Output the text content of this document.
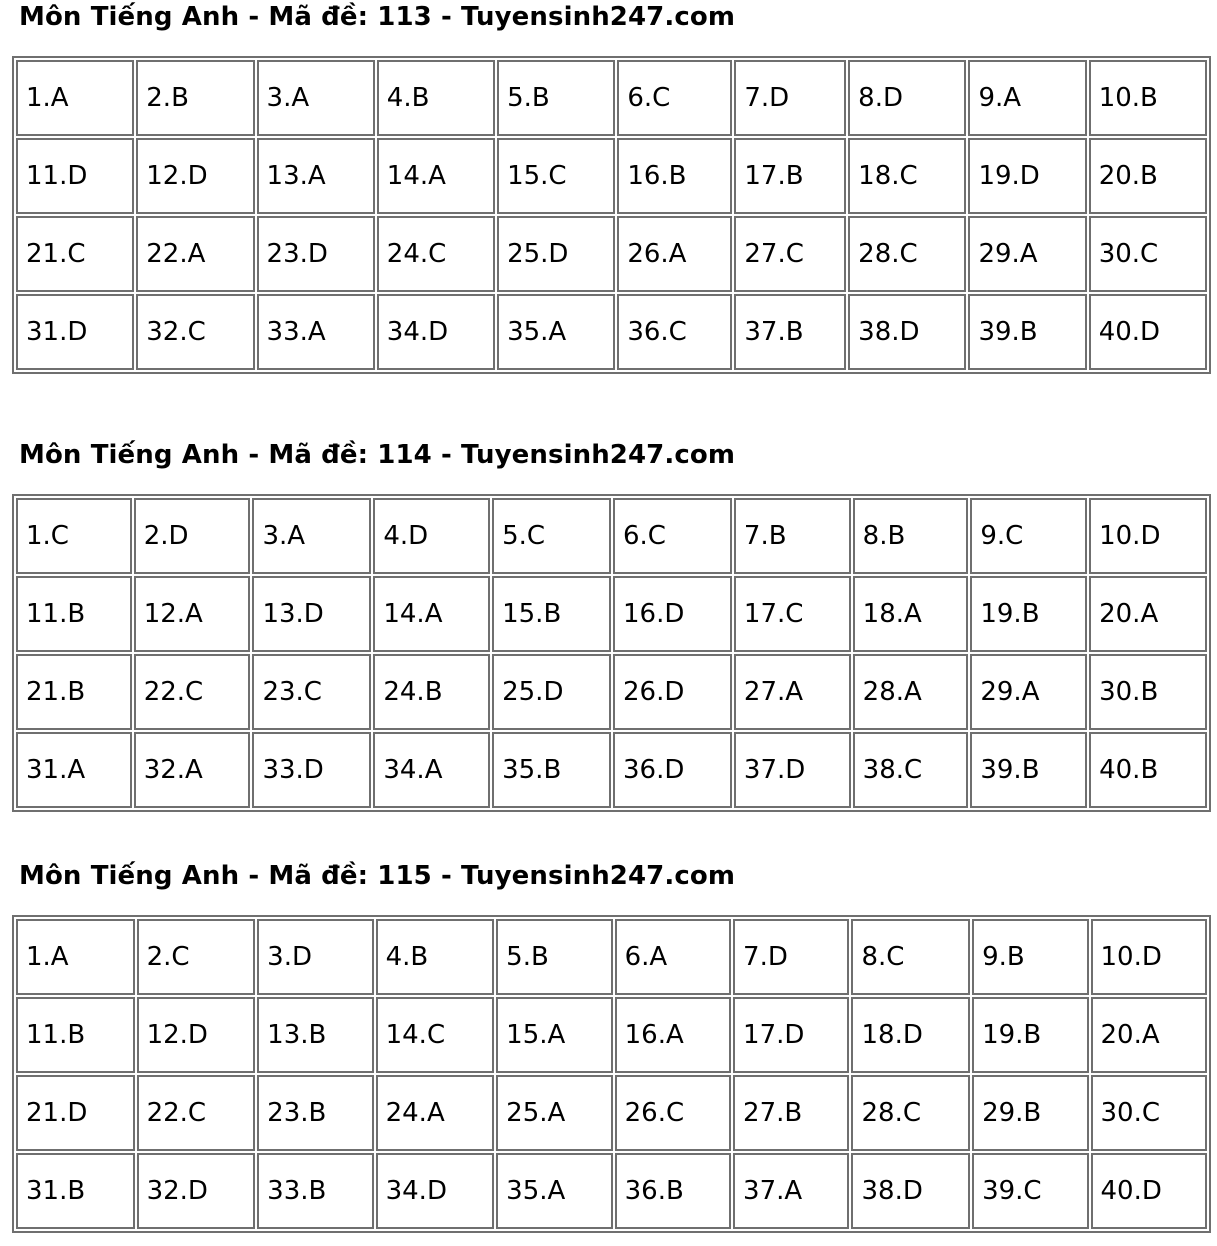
Môn Tiếng Anh - Mã đề: 113 - Tuyensinh247.com
1.A	2.B	3.A	4.B	5.B	6.C	7.D	8.D	9.A	10.B
11.D	12.D	13.A	14.A	15.C	16.B	17.B	18.C	19.D	20.B
21.C	22.A	23.D	24.C	25.D	26.A	27.C	28.C	29.A	30.C
31.D	32.C	33.A	34.D	35.A	36.C	37.B	38.D	39.B	40.D
Môn Tiếng Anh - Mã đề: 114 - Tuyensinh247.com
1.C	2.D	3.A	4.D	5.C	6.C	7.B	8.B	9.C	10.D
11.B	12.A	13.D	14.A	15.B	16.D	17.C	18.A	19.B	20.A
21.B	22.C	23.C	24.B	25.D	26.D	27.A	28.A	29.A	30.B
31.A	32.A	33.D	34.A	35.B	36.D	37.D	38.C	39.B	40.B
Môn Tiếng Anh - Mã đề: 115 - Tuyensinh247.com
1.A	2.C	3.D	4.B	5.B	6.A	7.D	8.C	9.B	10.D
11.B	12.D	13.B	14.C	15.A	16.A	17.D	18.D	19.B	20.A
21.D	22.C	23.B	24.A	25.A	26.C	27.B	28.C	29.B	30.C
31.B	32.D	33.B	34.D	35.A	36.B	37.A	38.D	39.C	40.D
